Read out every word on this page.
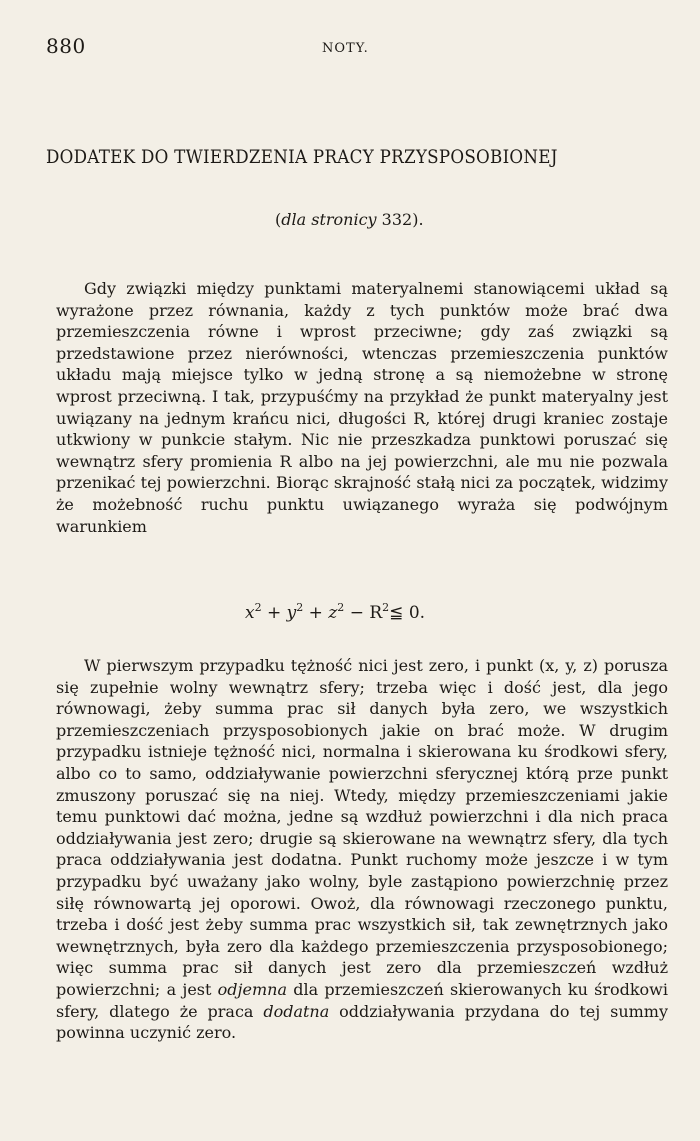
880	NOTY.
DODATEK DO TWIERDZENIA PRACY PRZYSPOSOBIONEJ
(dla stronicy 332).
Gdy związki między punktami materyalnemi stanowiącemi układ są wyrażone przez równania, każdy z tych punktów może brać dwa przemieszczenia równe i wprost przeciwne; gdy zaś związki są przedstawione przez nierówności, wtenczas przemieszczenia punktów układu mają miejsce tylko w jedną stronę a są niemożebne w stronę wprost przeciwną. I tak, przypuśćmy na przykład że punkt materyalny jest uwiązany na jednym krańcu nici, długości R, której drugi kraniec zostaje utkwiony w punkcie stałym. Nic nie przeszkadza punktowi poruszać się wewnątrz sfery promienia R albo na jej powierzchni, ale mu nie pozwala przenikać tej powierzchni. Biorąc skrajność stałą nici za początek, widzimy że możebność ruchu punktu uwiązanego wyraża się podwójnym warunkiem
$x^2 + y^2 + z^2$ − $R^2≦$ 0.
W pierwszym przypadku tężność nici jest zero, i punkt (x, y, z) porusza się zupełnie wolny wewnątrz sfery; trzeba więc i dość jest, dla jego równowagi, żeby summa prac sił danych była zero, we wszystkich przemieszczeniach przysposobionych jakie on brać może. W drugim przypadku istnieje tężność nici, normalna i skierowana ku środkowi sfery, albo co to samo, oddziaływanie powierzchni sferycznej którą prze punkt zmuszony poruszać się na niej. Wtedy, między przemieszczeniami jakie temu punktowi dać można, jedne są wzdłuż powierzchni i dla nich praca oddziaływania jest zero; drugie są skierowane na wewnątrz sfery, dla tych praca oddziaływania jest dodatna. Punkt ruchomy może jeszcze i w tym przypadku być uważany jako wolny, byle zastąpiono powierzchnię przez siłę równowartą jej oporowi. Owoż, dla równowagi rzeczonego punktu, trzeba i dość jest żeby summa prac wszystkich sił, tak zewnętrznych jako wewnętrznych, była zero dla każdego przemieszczenia przysposobionego; więc summa prac sił danych jest zero dla przemieszczeń wzdłuż powierzchni; a jest odjemna dla przemieszczeń skierowanych ku środkowi sfery, dlatego że praca dodatna oddziaływania przydana do tej summy powinna uczynić zero.
